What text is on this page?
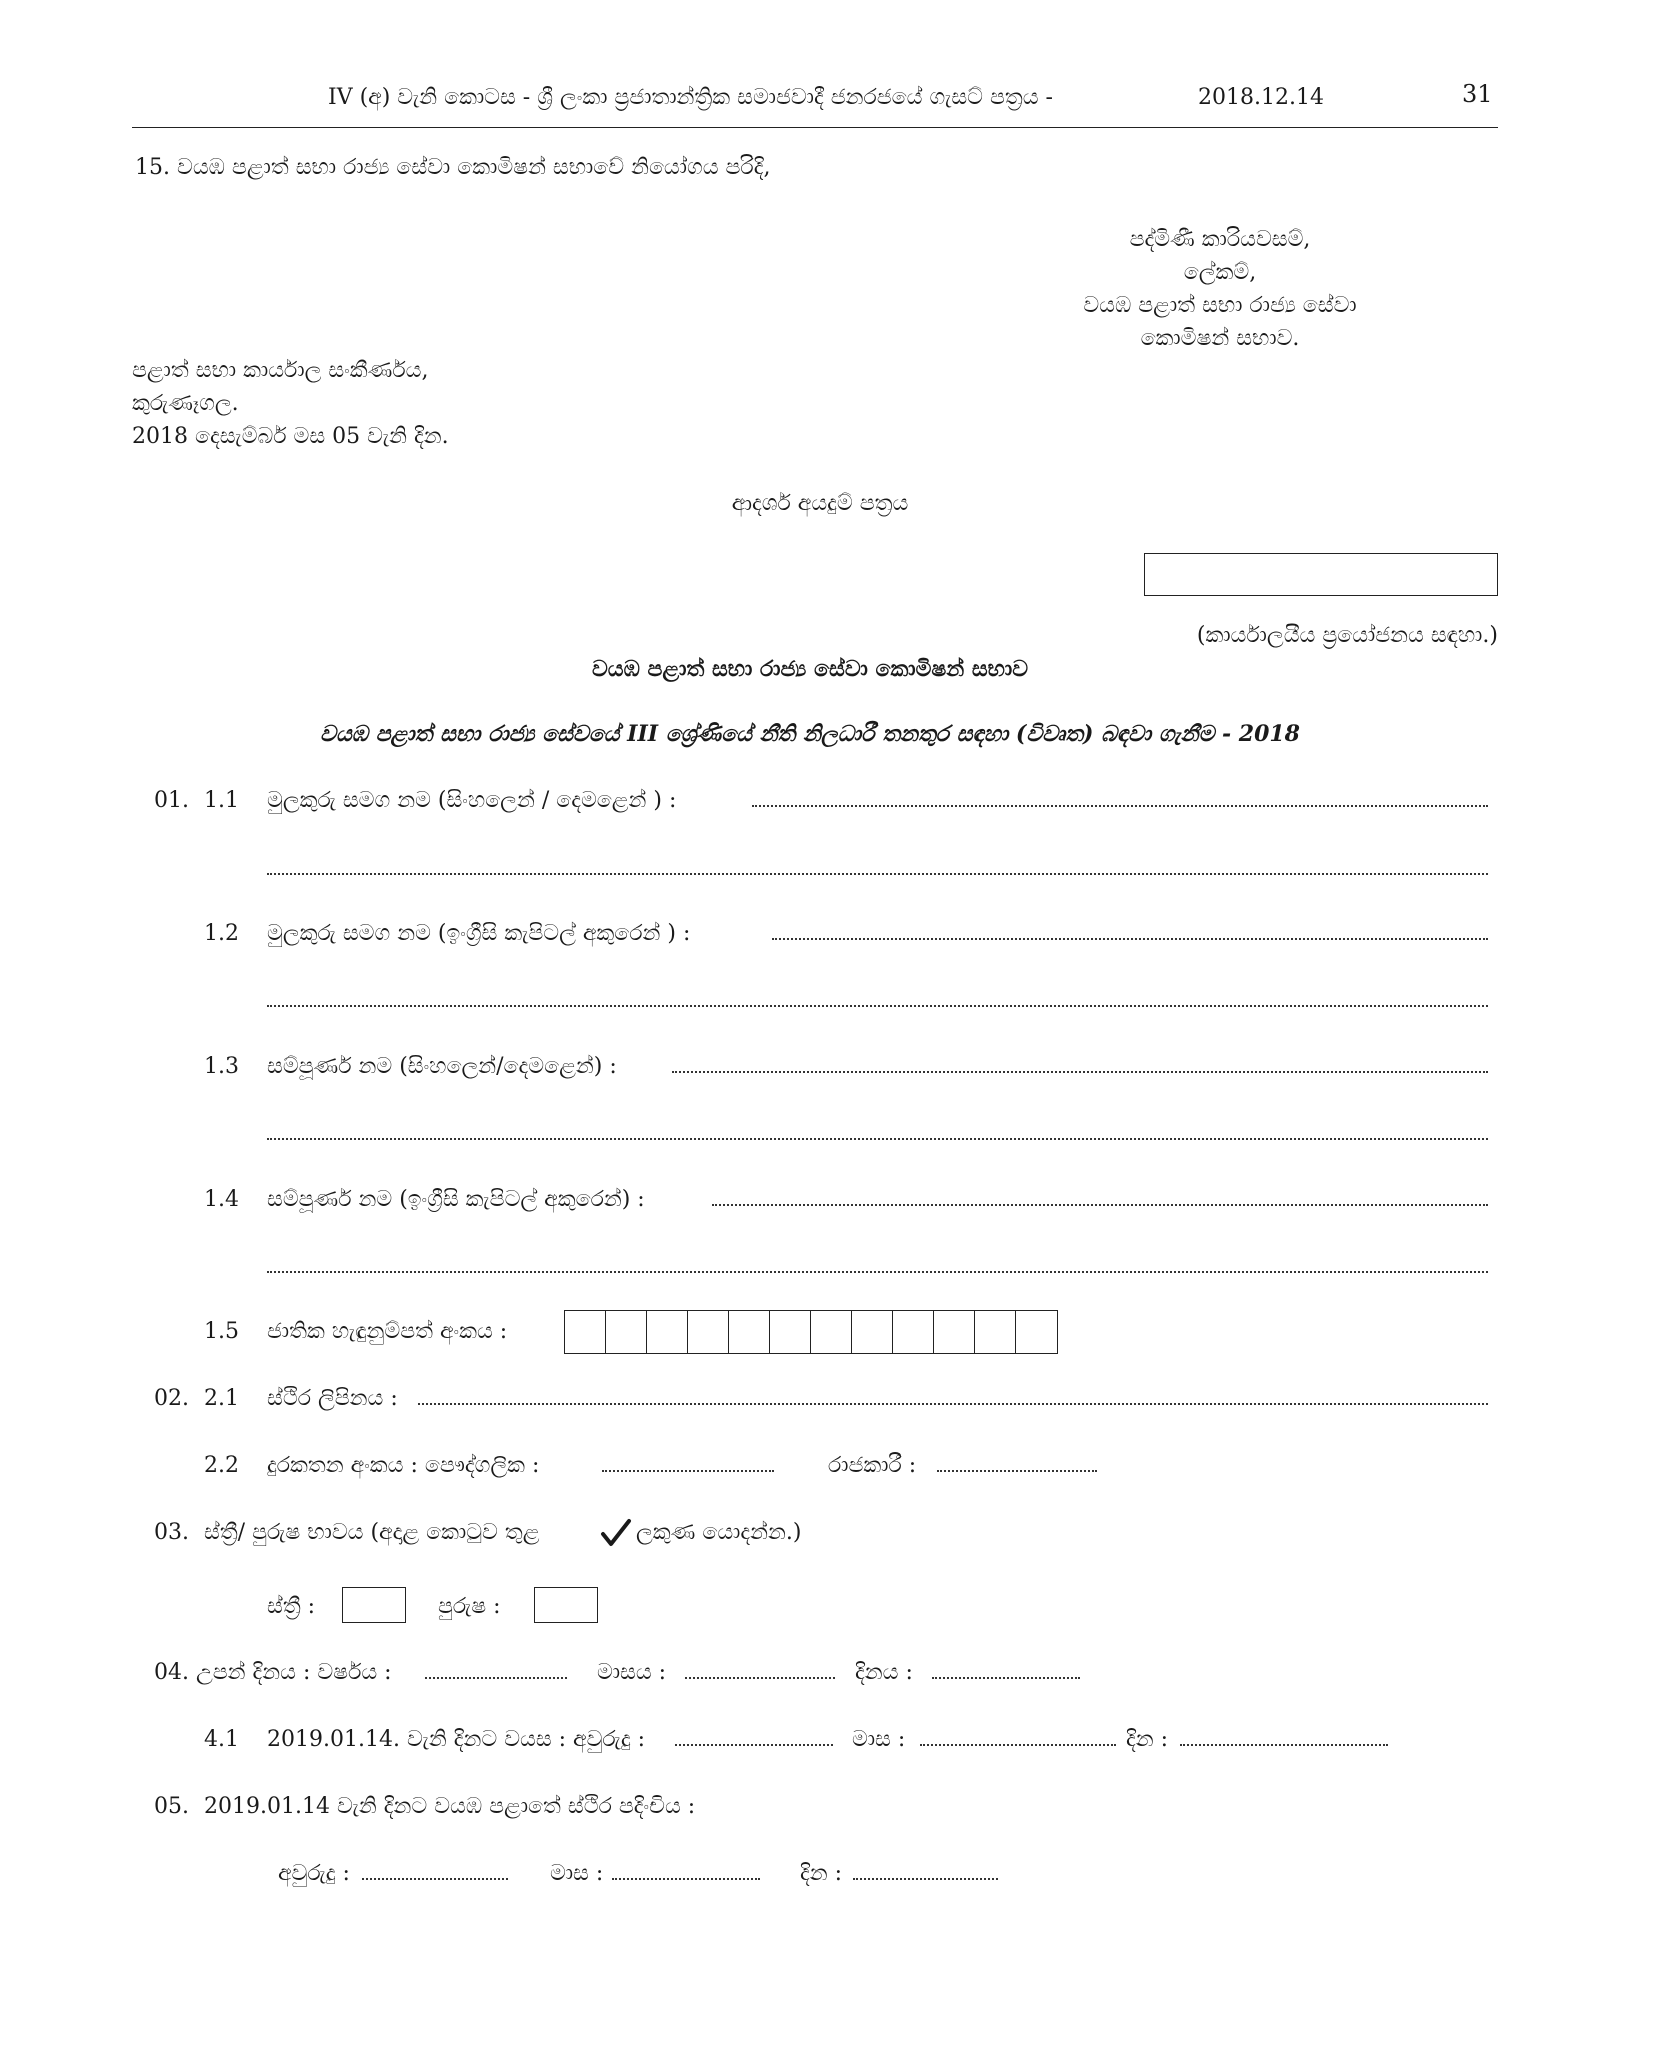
IV (අ) වැනි කොටස - ශ්‍රී ලංකා ප්‍රජාතාන්ත්‍රික සමාජවාදී ජනරජයේ ගැසට් පත්‍රය -	2018.12.14	31
15. වයඹ පළාත් සභා රාජ්‍ය සේවා කොමිෂන් සභාවේ නියෝගය පරිදි,
පද්මිණී කාරියවසම්,
ලේකම්,
වයඹ පළාත් සභා රාජ්‍ය සේවා
කොමිෂන් සභාව.
පළාත් සභා කාර්යාල සංකීර්ණය,
කුරුණෑගල.
2018 දෙසැම්බර් මස 05 වැනි දින.
ආදර්ශ අයදුම් පත්‍රය
(කාර්යාලයීය ප්‍රයෝජනය සඳහා.)
වයඹ පළාත් සභා රාජ්‍ය සේවා කොමිෂන් සභාව
වයඹ පළාත් සභා රාජ්‍ය සේවයේ III ශ්‍රේණියේ නීති නිලධාරී තනතුර සඳහා (විවෘත) බඳවා ගැනීම - 2018
01. 1.1 මුලකුරු සමග නම (සිංහලෙන් / දෙමළෙන් ) :
1.2 මුලකුරු සමග නම (ඉංග්‍රීසි කැපිටල් අකුරෙන් ) :
1.3 සම්පූර්ණ නම (සිංහලෙන්/දෙමළෙන්) :
1.4 සම්පූර්ණ නම (ඉංග්‍රීසි කැපිටල් අකුරෙන්) :
1.5 ජාතික හැඳුනුම්පත් අංකය :
02. 2.1 ස්ථිර ලිපිනය :
2.2 දුරකතන අංකය : පෞද්ගලික :	රාජකාරී :
03. ස්ත්‍රී/ පුරුෂ භාවය (අදාළ කොටුව තුළ	ලකුණ යොදන්න.)
ස්ත්‍රී :	පුරුෂ :
04. උපන් දිනය : වර්ෂය :	මාසය :	දිනය :
4.1 2019.01.14. වැනි දිනට වයස : අවුරුදු :	මාස :	දින :
05. 2019.01.14 වැනි දිනට වයඹ පළාතේ ස්ථිර පදිංචිය :
අවුරුදු :	මාස :	දින :
